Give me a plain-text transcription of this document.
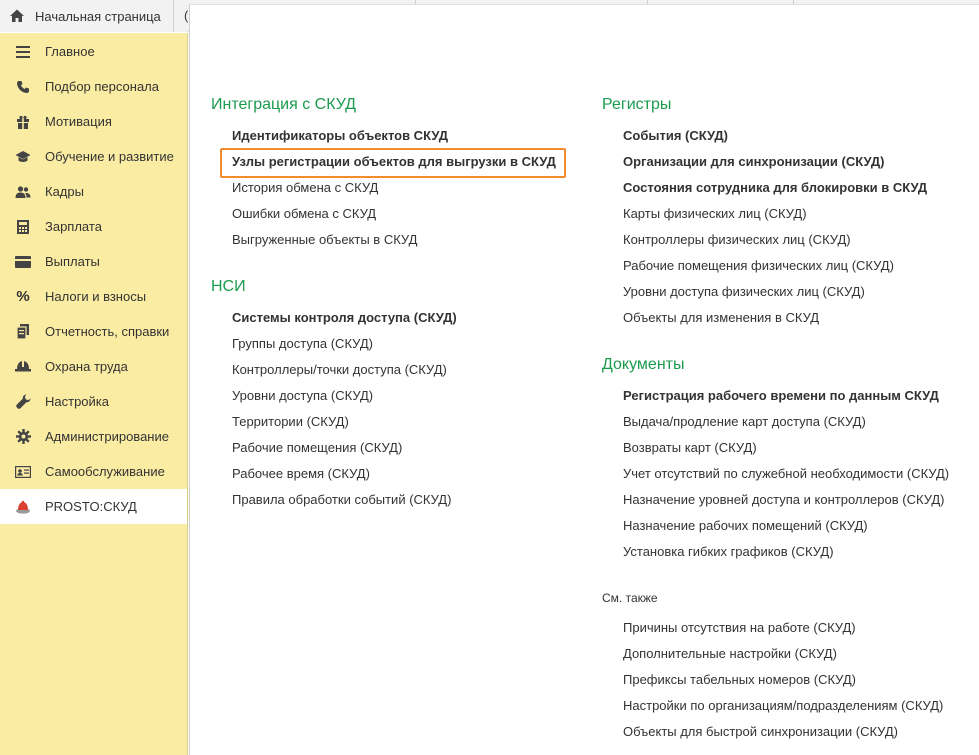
Начальная страница (
Главное
Подбор персонала
Мотивация
Обучение и развитие
Кадры
Зарплата
Выплаты
% Налоги и взносы
Отчетность, справки
Охрана труда
Настройка
Администрирование
Самообслуживание
PROSTO:СКУД
Интеграция с СКУД
Идентификаторы объектов СКУД
Узлы регистрации объектов для выгрузки в СКУД
История обмена с СКУД
Ошибки обмена с СКУД
Выгруженные объекты в СКУД
НСИ
Системы контроля доступа (СКУД)
Группы доступа (СКУД)
Контроллеры/точки доступа (СКУД)
Уровни доступа (СКУД)
Территории (СКУД)
Рабочие помещения (СКУД)
Рабочее время (СКУД)
Правила обработки событий (СКУД)
Регистры
События (СКУД)
Организации для синхронизации (СКУД)
Состояния сотрудника для блокировки в СКУД
Карты физических лиц (СКУД)
Контроллеры физических лиц (СКУД)
Рабочие помещения физических лиц (СКУД)
Уровни доступа физических лиц (СКУД)
Объекты для изменения в СКУД
Документы
Регистрация рабочего времени по данным СКУД
Выдача/продление карт доступа (СКУД)
Возвраты карт (СКУД)
Учет отсутствий по служебной необходимости (СКУД)
Назначение уровней доступа и контроллеров (СКУД)
Назначение рабочих помещений (СКУД)
Установка гибких графиков (СКУД)
См. также
Причины отсутствия на работе (СКУД)
Дополнительные настройки (СКУД)
Префиксы табельных номеров (СКУД)
Настройки по организациям/подразделениям (СКУД)
Объекты для быстрой синхронизации (СКУД)
